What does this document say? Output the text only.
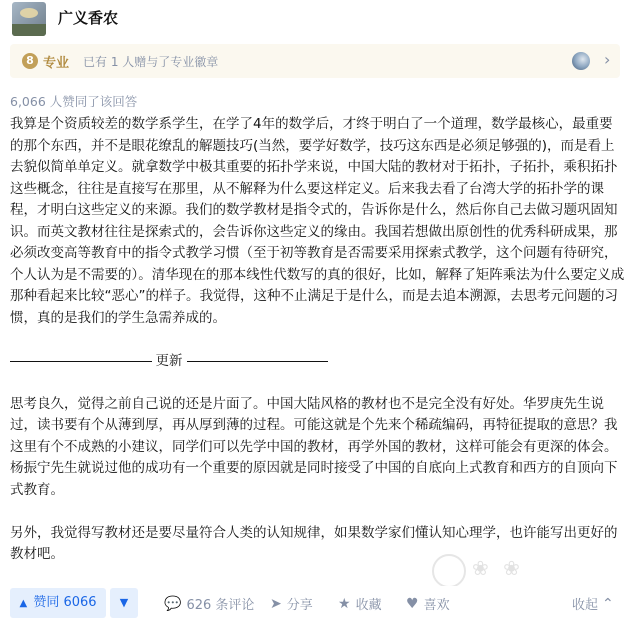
广义香农
8 专业 已有 1 人赠与了专业徽章	›
6,066 人赞同了该回答

我算是个资质较差的数学系学生，在学了4年的数学后，才终于明白了一个道理，数学最核心，最重要的那个东西，并不是眼花缭乱的解题技巧(当然，要学好数学，技巧这东西是必须足够强的)，而是看上去貌似简单单定义。就拿数学中极其重要的拓扑学来说，中国大陆的教材对于拓扑，子拓扑，乘积拓扑这些概念，往往是直接写在那里，从不解释为什么要这样定义。后来我去看了台湾大学的拓扑学的课程，才明白这些定义的来源。我们的数学教材是指令式的，告诉你是什么，然后你自己去做习题巩固知识。而英文教材往往是探索式的，会告诉你这些定义的缘由。我国若想做出原创性的优秀科研成果，那必须改变高等教育中的指令式教学习惯（至于初等教育是否需要采用探索式教学，这个问题有待研究，个人认为是不需要的）。清华现在的那本线性代数写的真的很好，比如，解释了矩阵乘法为什么要定义成那种看起来比较“恶心”的样子。我觉得，这种不止满足于是什么，而是去追本溯源，去思考元问题的习惯，真的是我们的学生急需养成的。

更新

思考良久，觉得之前自己说的还是片面了。中国大陆风格的教材也不是完全没有好处。华罗庚先生说过，读书要有个从薄到厚，再从厚到薄的过程。可能这就是个先来个稀疏编码，再特征提取的意思？我这里有个不成熟的小建议，同学们可以先学中国的教材，再学外国的教材，这样可能会有更深的体会。杨振宁先生就说过他的成功有一个重要的原因就是同时接受了中国的自底向上式教育和西方的自顶向下式教育。

另外，我觉得写教材还是要尽量符合人类的认知规律，如果数学家们懂认知心理学，也许能写出更好的教材吧。

❀ ❀
▲ 赞同 6066	▼	💬 626 条评论 ➤ 分享 ★ 收藏 ♥ 喜欢	收起 ⌃
